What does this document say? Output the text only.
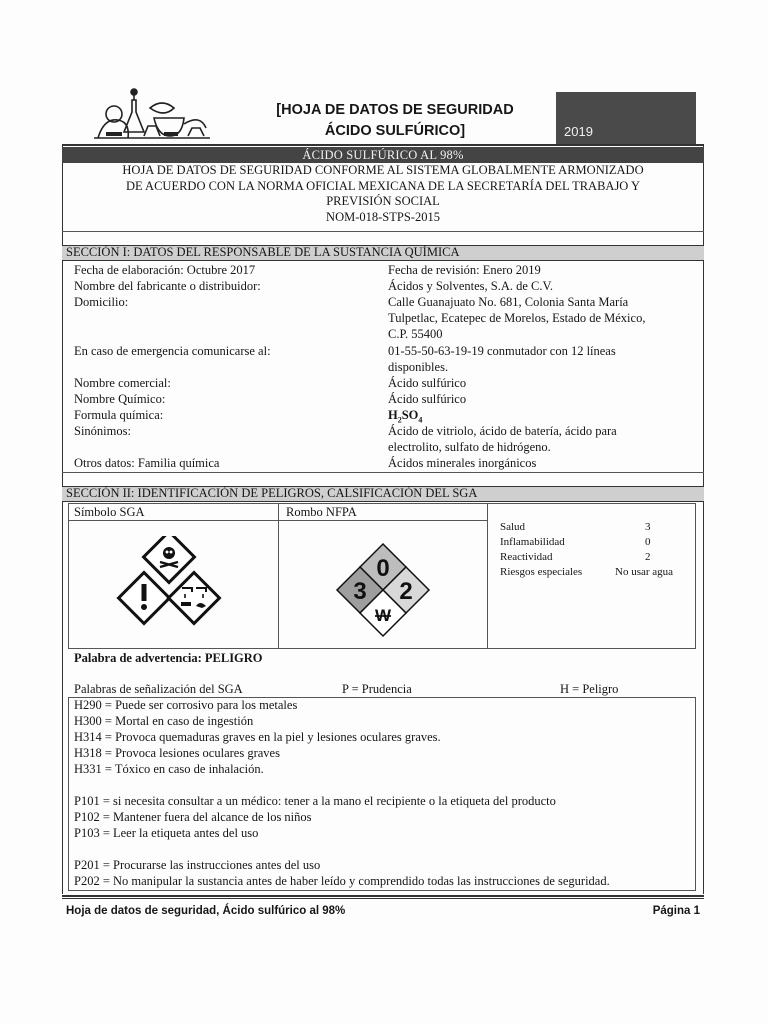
[HOJA DE DATOS DE SEGURIDAD
ÁCIDO SULFÚRICO]	2019
ÁCIDO SULFÚRICO AL 98%
HOJA DE DATOS DE SEGURIDAD CONFORME AL SISTEMA GLOBALMENTE ARMONIZADO
DE ACUERDO CON LA NORMA OFICIAL MEXICANA DE LA SECRETARÍA DEL TRABAJO Y
PREVISIÓN SOCIAL
NOM-018-STPS-2015
SECCIÓN I: DATOS DEL RESPONSABLE DE LA SUSTANCIA QUÍMICA
Fecha de elaboración: Octubre 2017	Fecha de revisión: Enero 2019
Nombre del fabricante o distribuidor:	Ácidos y Solventes, S.A. de C.V.
Domicilio:	Calle Guanajuato No. 681, Colonia Santa María
Tulpetlac, Ecatepec de Morelos, Estado de México,
C.P. 55400
En caso de emergencia comunicarse al:	01-55-50-63-19-19 conmutador con 12 líneas
disponibles.
Nombre comercial:	Ácido sulfúrico
Nombre Químico:	Ácido sulfúrico
Formula química:	$H_2SO_4$
Sinónimos:	Ácido de vitriolo, ácido de batería, ácido para
electrolito, sulfato de hidrógeno.
Otros datos: Familia química	Ácidos minerales inorgánicos
SECCIÓN II: IDENTIFICACIÓN DE PELIGROS, CALSIFICACIÓN DEL SGA
Símbolo SGA	Rombo NFPA
0
3 2
W
Salud	3
Inflamabilidad	0
Reactividad	2
Riesgos especiales	No usar agua
Palabra de advertencia: PELIGRO
Palabras de señalización del SGA	P = Prudencia	H = Peligro
H290 = Puede ser corrosivo para los metales
H300 = Mortal en caso de ingestión
H314 = Provoca quemaduras graves en la piel y lesiones oculares graves.
H318 = Provoca lesiones oculares graves
H331 = Tóxico en caso de inhalación.
P101 = si necesita consultar a un médico: tener a la mano el recipiente o la etiqueta del producto
P102 = Mantener fuera del alcance de los niños
P103 = Leer la etiqueta antes del uso
P201 = Procurarse las instrucciones antes del uso
P202 = No manipular la sustancia antes de haber leído y comprendido todas las instrucciones de seguridad.
Hoja de datos de seguridad, Ácido sulfúrico al 98%	Página 1
